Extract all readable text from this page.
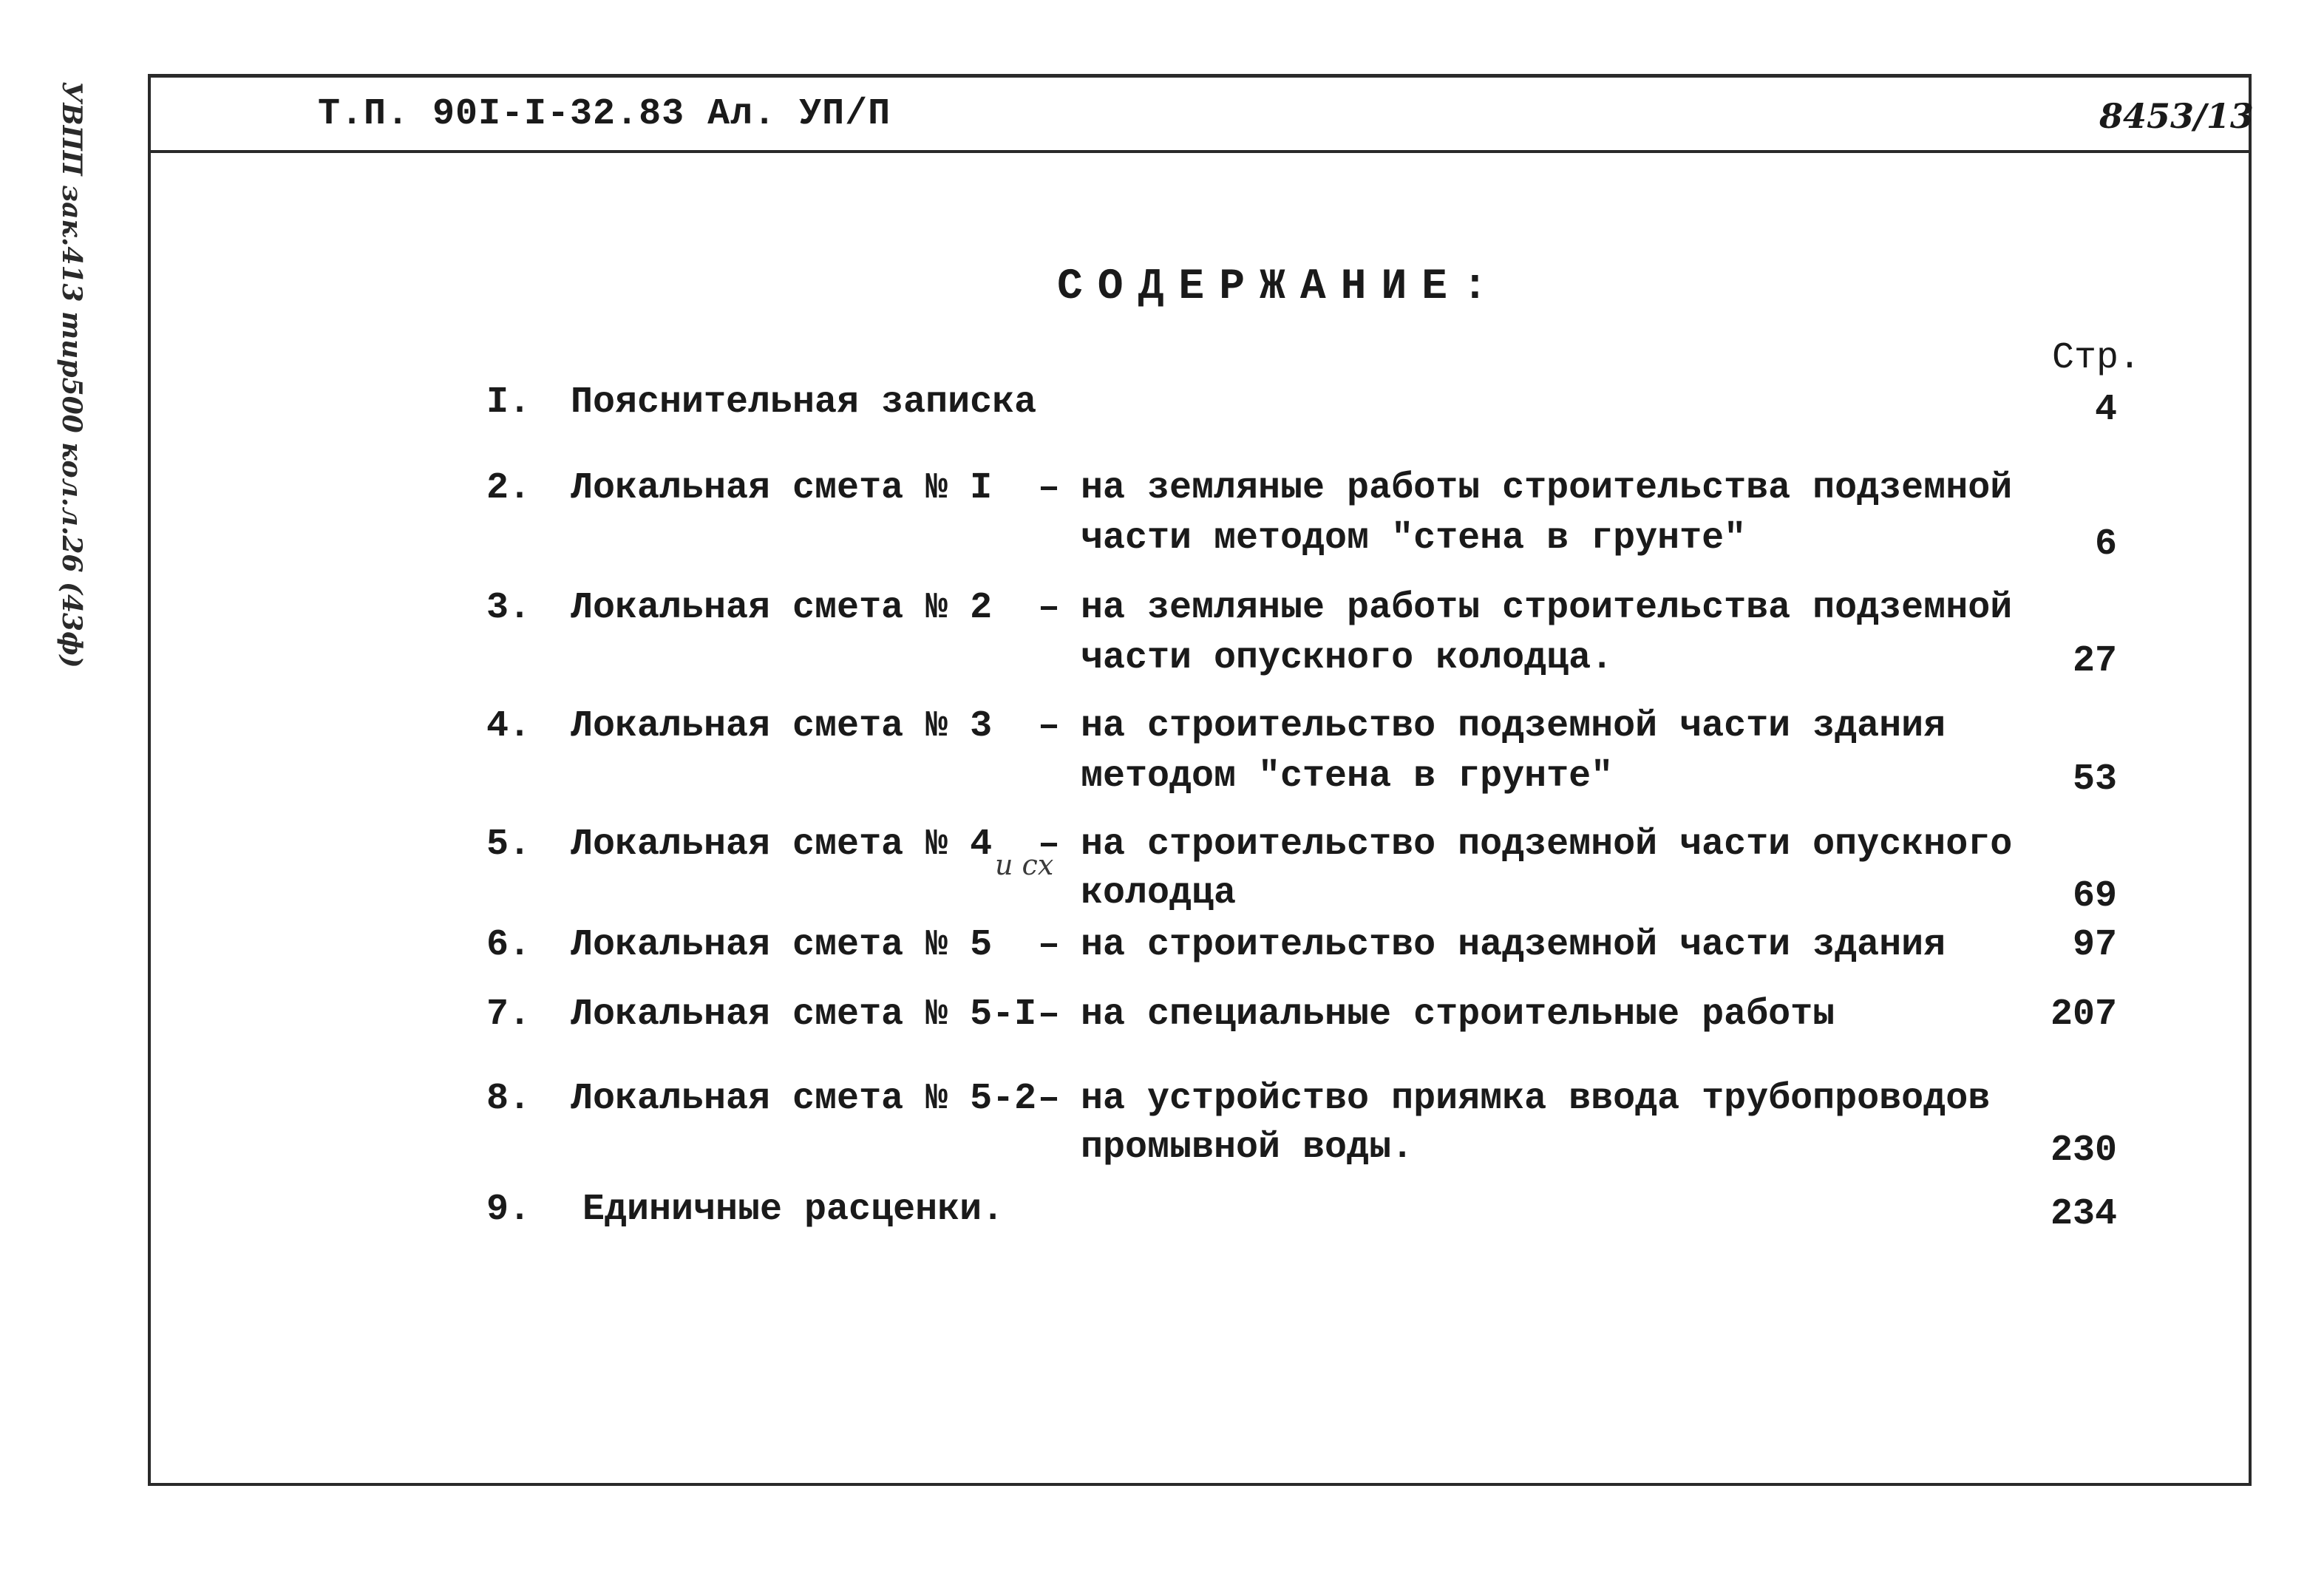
УВПП зак.413 тир500 кол.л.26 (43ф)	Т.П. 90I-I-32.83 Ал. УП/П	8453/13
СОДЕРЖАНИЕ:
Стр.
и сх
I. Пояснительная записка	4
2. Локальная смета № I – на земляные работы строительства подземной
части методом "стена в грунте"	6
3. Локальная смета № 2 – на земляные работы строительства подземной
части опускного колодца.	27
4. Локальная смета № 3 – на строительство подземной части здания
методом "стена в грунте"	53
5. Локальная смета № 4 – на строительство подземной части опускного
колодца	69
6. Локальная смета № 5 – на строительство надземной части здания	97
7. Локальная смета № 5-I – на специальные строительные работы	207
8. Локальная смета № 5-2 – на устройство приямка ввода трубопроводов
промывной воды.	230
9. Единичные расценки.	234
